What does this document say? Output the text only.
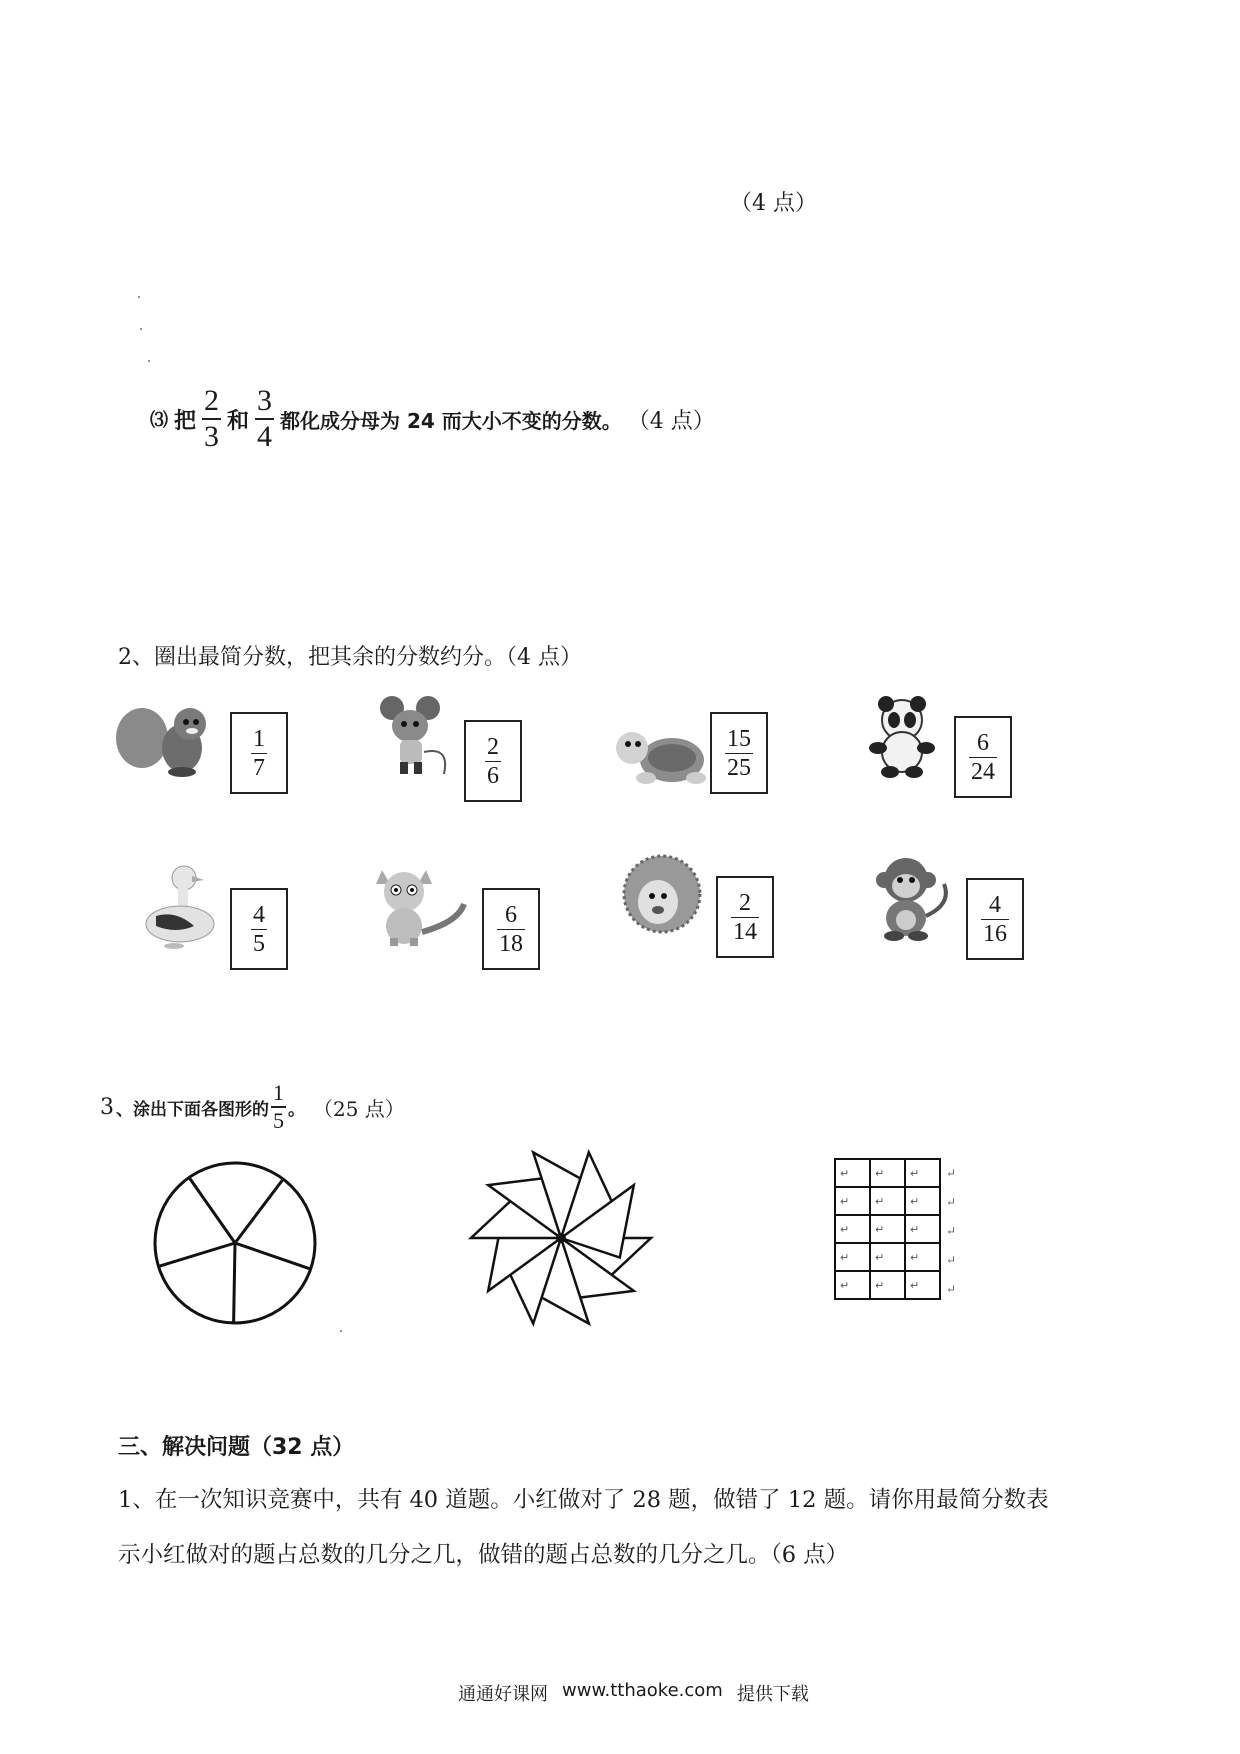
（4 点）
⑶ 把 $\frac{2}{3}$ 和 $\frac{3}{4}$ 都化成分母为 24 而大小不变的分数。 （4 点）
2、圈出最简分数，把其余的分数约分。（4 点）
$\frac{1}{7}$	$\frac{2}{6}$	$\frac{15}{25}$	$\frac{6}{24}$
$\frac{4}{5}$	$\frac{6}{18}$	$\frac{2}{14}$	$\frac{4}{16}$
3 、涂出下面各图形的 $\frac{1}{5}$ 。 （25 点）
↵	↵	↵
↵	↵	↵
↵	↵	↵
↵	↵	↵
↵	↵	↵
↵
↵
↵
↵
↵
三、解决问题（32 点）
1、在一次知识竞赛中，共有 40 道题。小红做对了 28 题，做错了 12 题。请你用最简分数表
示小红做对的题占总数的几分之几，做错的题占总数的几分之几。（6 点）
通通好课网 www.tthaoke.com 提供下载
